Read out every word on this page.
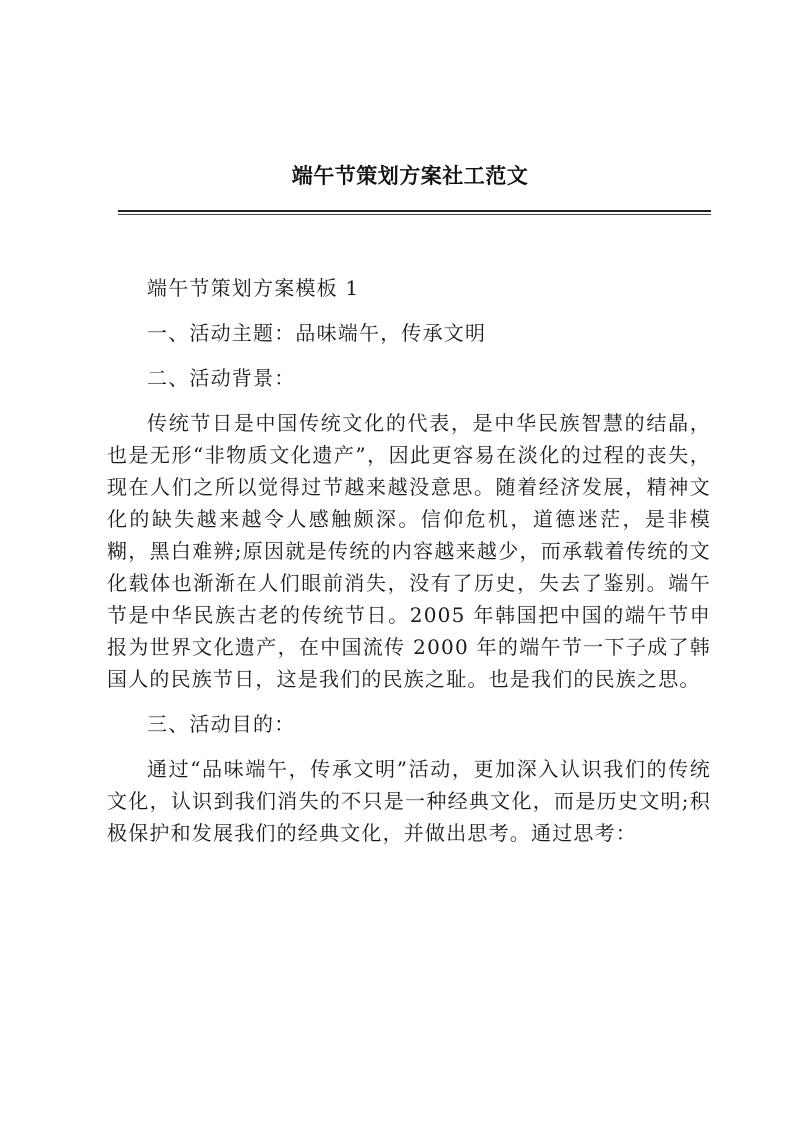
端午节策划方案社工范文

端午节策划方案模板 1

一、活动主题：品味端午，传承文明

二、活动背景：

传统节日是中国传统文化的代表，是中华民族智慧的结晶，也是无形“非物质文化遗产”，因此更容易在淡化的过程的丧失，现在人们之所以觉得过节越来越没意思。随着经济发展，精神文化的缺失越来越令人感触颇深。信仰危机，道德迷茫，是非模糊，黑白难辨;原因就是传统的内容越来越少，而承载着传统的文化载体也渐渐在人们眼前消失，没有了历史，失去了鉴别。端午节是中华民族古老的传统节日。2005 年韩国把中国的端午节申报为世界文化遗产，在中国流传 2000 年的端午节一下子成了韩国人的民族节日，这是我们的民族之耻。也是我们的民族之思。

三、活动目的：

通过“品味端午，传承文明”活动，更加深入认识我们的传统文化，认识到我们消失的不只是一种经典文化，而是历史文明;积极保护和发展我们的经典文化，并做出思考。通过思考：
